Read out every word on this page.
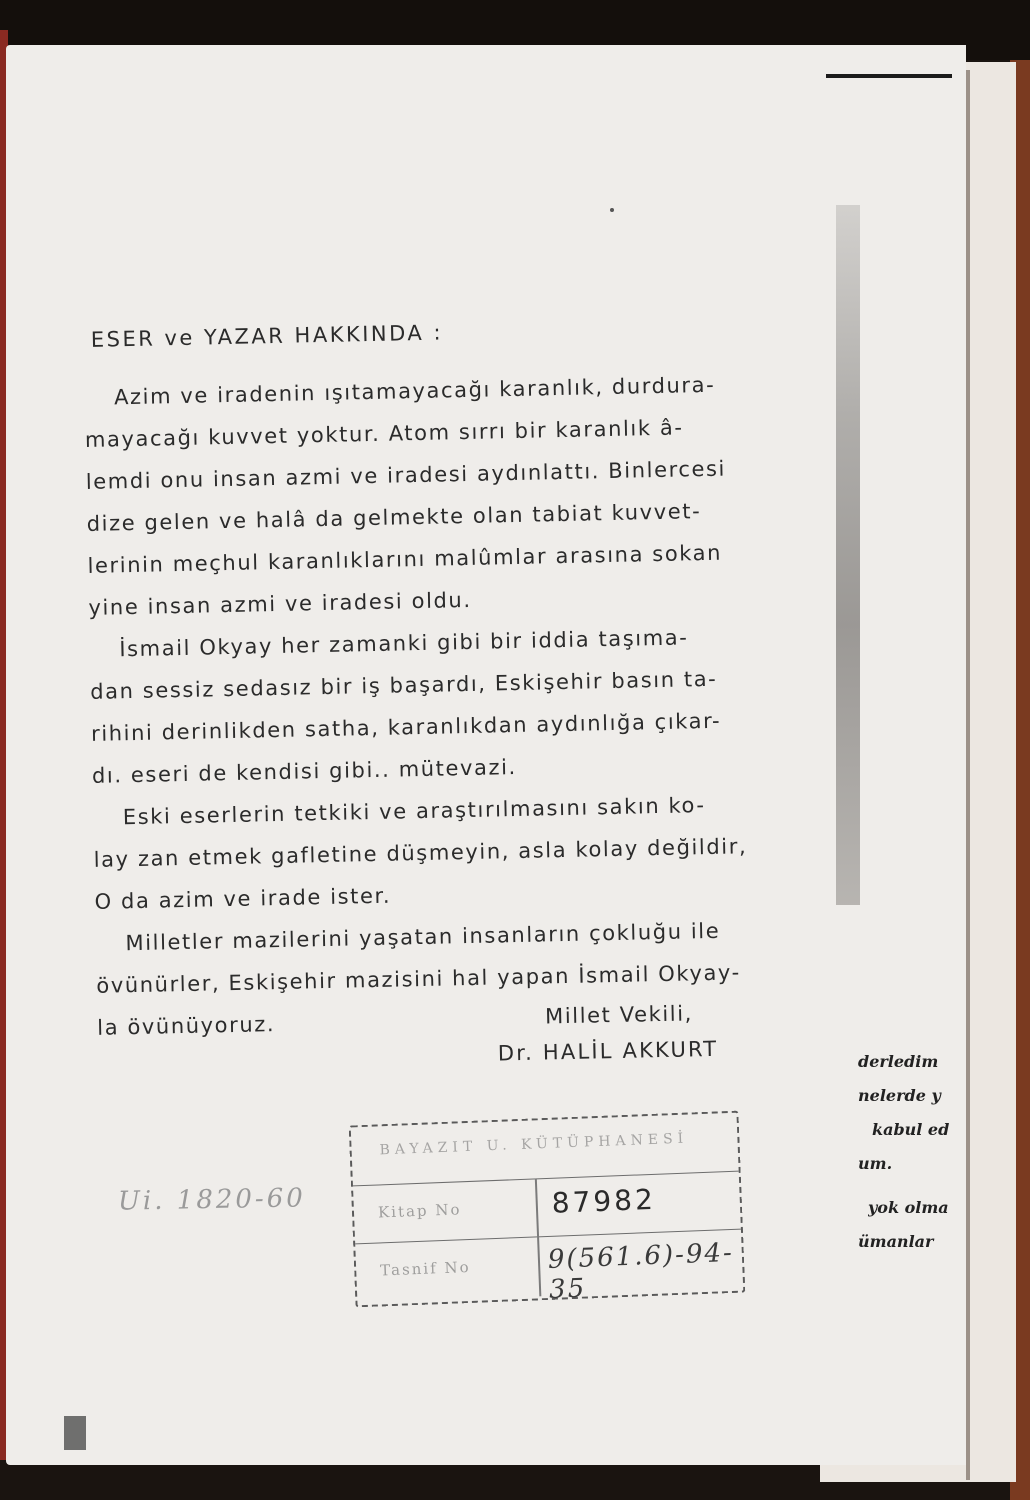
ESER ve YAZAR HAKKINDA :
Azim ve iradenin ışıtamayacağı karanlık, durdura-
mayacağı kuvvet yoktur. Atom sırrı bir karanlık â-
lemdi onu insan azmi ve iradesi aydınlattı. Binlercesi
dize gelen ve halâ da gelmekte olan tabiat kuvvet-
lerinin meçhul karanlıklarını malûmlar arasına sokan
yine insan azmi ve iradesi oldu.
İsmail Okyay her zamanki gibi bir iddia taşıma-
dan sessiz sedasız bir iş başardı, Eskişehir basın ta-
rihini derinlikden satha, karanlıkdan aydınlığa çıkar-
dı. eseri de kendisi gibi.. mütevazi.
Eski eserlerin tetkiki ve araştırılmasını sakın ko-
lay zan etmek gafletine düşmeyin, asla kolay değildir,
O da azim ve irade ister.
Milletler mazilerini yaşatan insanların çokluğu ile
övünürler, Eskişehir mazisini hal yapan İsmail Okyay-
la övünüyoruz.	Millet Vekili,
Dr. HALİL AKKURT
Ui. 1820-60
BAYAZIT U. KÜTÜPHANESİ
Kitap No	87982
Tasnif No	9(561.6)-94-35
derledim
nelerde y
kabul ed
um.
yok olma
ümanlar
